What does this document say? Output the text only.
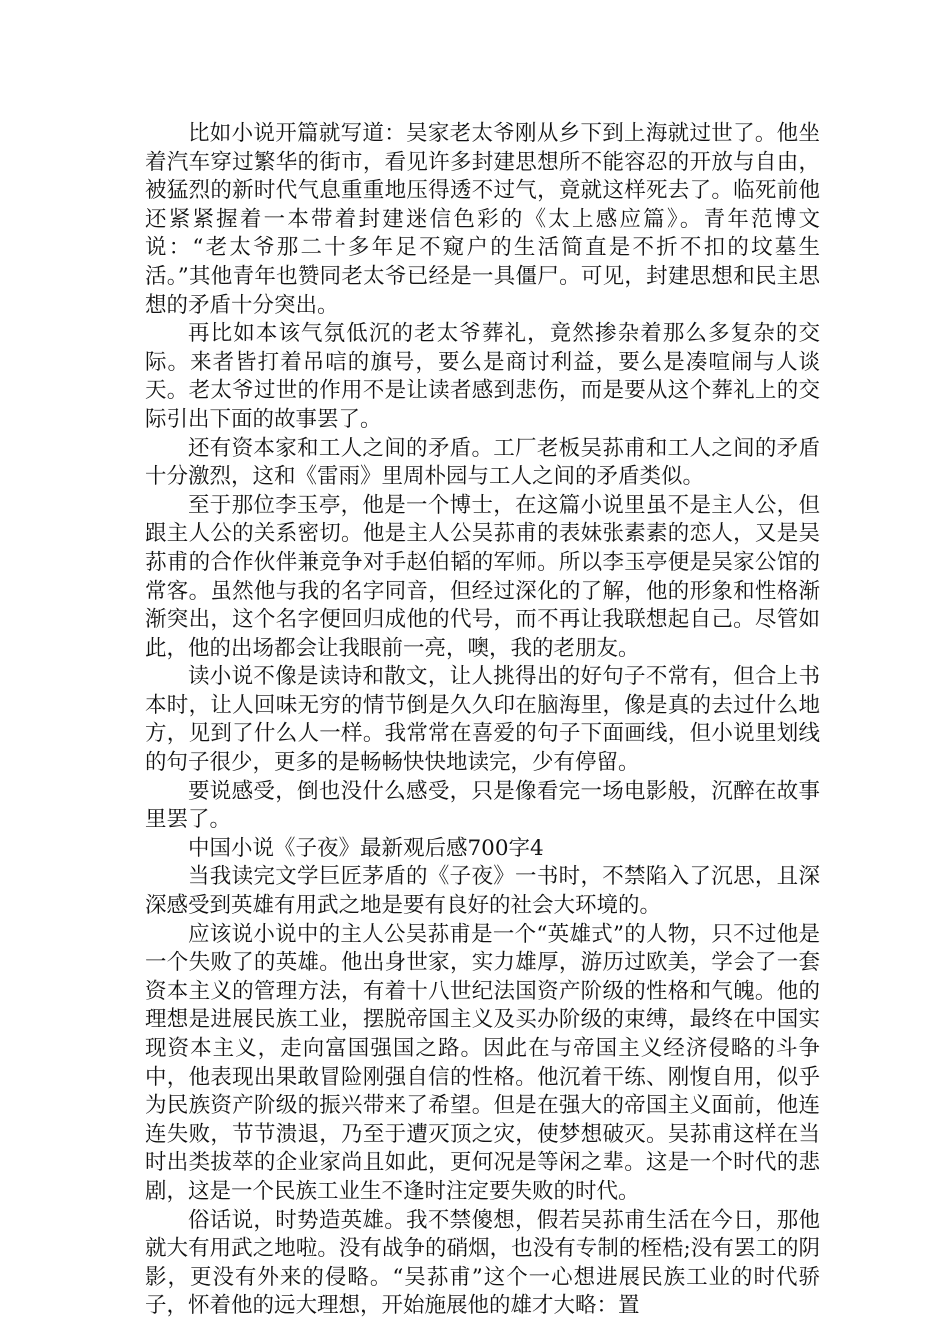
比如小说开篇就写道：吴家老太爷刚从乡下到上海就过世了。他坐着汽车穿过繁华的街市，看见许多封建思想所不能容忍的开放与自由，被猛烈的新时代气息重重地压得透不过气，竟就这样死去了。临死前他还紧紧握着一本带着封建迷信色彩的《太上感应篇》。青年范博文说：“老太爷那二十多年足不窥户的生活简直是不折不扣的坟墓生活。”其他青年也赞同老太爷已经是一具僵尸。可见，封建思想和民主思想的矛盾十分突出。

再比如本该气氛低沉的老太爷葬礼，竟然掺杂着那么多复杂的交际。来者皆打着吊唁的旗号，要么是商讨利益，要么是凑喧闹与人谈天。老太爷过世的作用不是让读者感到悲伤，而是要从这个葬礼上的交际引出下面的故事罢了。

还有资本家和工人之间的矛盾。工厂老板吴荪甫和工人之间的矛盾十分激烈，这和《雷雨》里周朴园与工人之间的矛盾类似。

至于那位李玉亭，他是一个博士，在这篇小说里虽不是主人公，但跟主人公的关系密切。他是主人公吴荪甫的表妹张素素的恋人，又是吴荪甫的合作伙伴兼竞争对手赵伯韬的军师。所以李玉亭便是吴家公馆的常客。虽然他与我的名字同音，但经过深化的了解，他的形象和性格渐渐突出，这个名字便回归成他的代号，而不再让我联想起自己。尽管如此，他的出场都会让我眼前一亮，噢，我的老朋友。

读小说不像是读诗和散文，让人挑得出的好句子不常有，但合上书本时，让人回味无穷的情节倒是久久印在脑海里，像是真的去过什么地方，见到了什么人一样。我常常在喜爱的句子下面画线，但小说里划线的句子很少，更多的是畅畅快快地读完，少有停留。

要说感受，倒也没什么感受，只是像看完一场电影般，沉醉在故事里罢了。

中国小说《子夜》最新观后感700字4

当我读完文学巨匠茅盾的《子夜》一书时，不禁陷入了沉思，且深深感受到英雄有用武之地是要有良好的社会大环境的。

应该说小说中的主人公吴荪甫是一个“英雄式”的人物，只不过他是一个失败了的英雄。他出身世家，实力雄厚，游历过欧美，学会了一套资本主义的管理方法，有着十八世纪法国资产阶级的性格和气魄。他的理想是进展民族工业，摆脱帝国主义及买办阶级的束缚，最终在中国实现资本主义，走向富国强国之路。因此在与帝国主义经济侵略的斗争中，他表现出果敢冒险刚强自信的性格。他沉着干练、刚愎自用，似乎为民族资产阶级的振兴带来了希望。但是在强大的帝国主义面前，他连连失败，节节溃退，乃至于遭灭顶之灾，使梦想破灭。吴荪甫这样在当时出类拔萃的企业家尚且如此，更何况是等闲之辈。这是一个时代的悲剧，这是一个民族工业生不逢时注定要失败的时代。

俗话说，时势造英雄。我不禁傻想，假若吴荪甫生活在今日，那他就大有用武之地啦。没有战争的硝烟，也没有专制的桎梏;没有罢工的阴影，更没有外来的侵略。“吴荪甫”这个一心想进展民族工业的时代骄子，怀着他的远大理想，开始施展他的雄才大略：置
